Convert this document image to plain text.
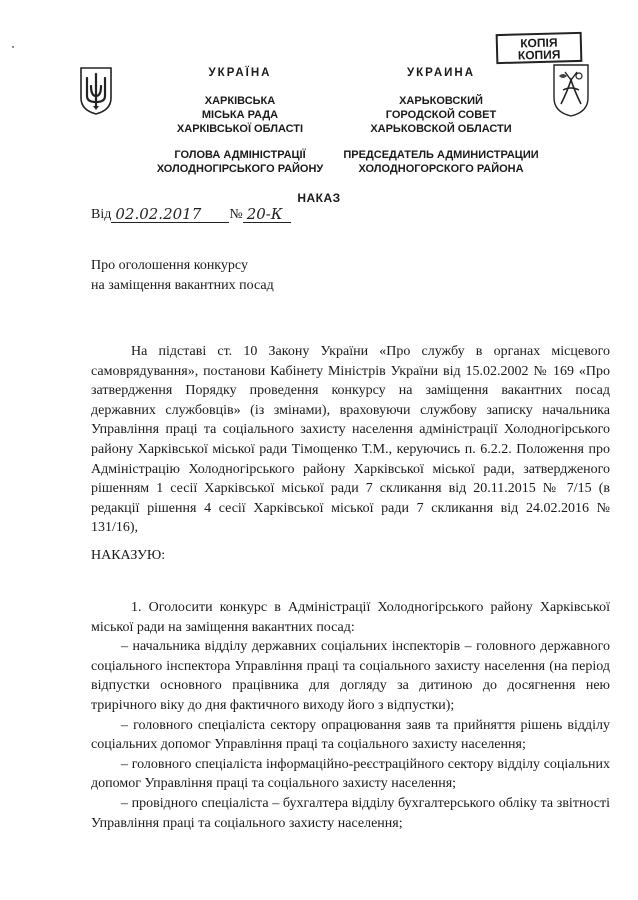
КОПІЯ
КОПИЯ
УКРАЇНА
ХАРКІВСЬКА
МІСЬКА РАДА
ХАРКІВСЬКОЇ ОБЛАСТІ
ГОЛОВА АДМІНІСТРАЦІЇ
ХОЛОДНОГІРСЬКОГО РАЙОНУ
УКРАИНА
ХАРЬКОВСКИЙ
ГОРОДСКОЙ СОВЕТ
ХАРЬКОВСКОЙ ОБЛАСТИ
ПРЕДСЕДАТЕЛЬ АДМИНИСТРАЦИИ
ХОЛОДНОГОРСКОГО РАЙОНА
НАКАЗ
Від 02.02.2017	№ 20-К
Про оголошення конкурсу
на заміщення вакантних посад
На підставі ст. 10 Закону України «Про службу в органах місцевого самоврядування», постанови Кабінету Міністрів України від 15.02.2002 № 169 «Про затвердження Порядку проведення конкурсу на заміщення вакантних посад державних службовців» (із змінами), враховуючи службову записку начальника Управління праці та соціального захисту населення адміністрації Холодногірського району Харківської міської ради Тімощенко Т.М., керуючись п. 6.2.2. Положення про Адміністрацію Холодногірського району Харківської міської ради, затвердженого рішенням 1 сесії Харківської міської ради 7 скликання від 20.11.2015 № 7/15 (в редакції рішення 4 сесії Харківської міської ради 7 скликання від 24.02.2016 № 131/16),
НАКАЗУЮ:
1. Оголосити конкурс в Адміністрації Холодногірського району Харківської міської ради на заміщення вакантних посад:
– начальника відділу державних соціальних інспекторів – головного державного соціального інспектора Управління праці та соціального захисту населення (на період відпустки основного працівника для догляду за дитиною до досягнення нею трирічного віку до дня фактичного виходу його з відпустки);
– головного спеціаліста сектору опрацювання заяв та прийняття рішень відділу соціальних допомог Управління праці та соціального захисту населення;
– головного спеціаліста інформаційно-реєстраційного сектору відділу соціальних допомог Управління праці та соціального захисту населення;
– провідного спеціаліста – бухгалтера відділу бухгалтерського обліку та звітності Управління праці та соціального захисту населення;
